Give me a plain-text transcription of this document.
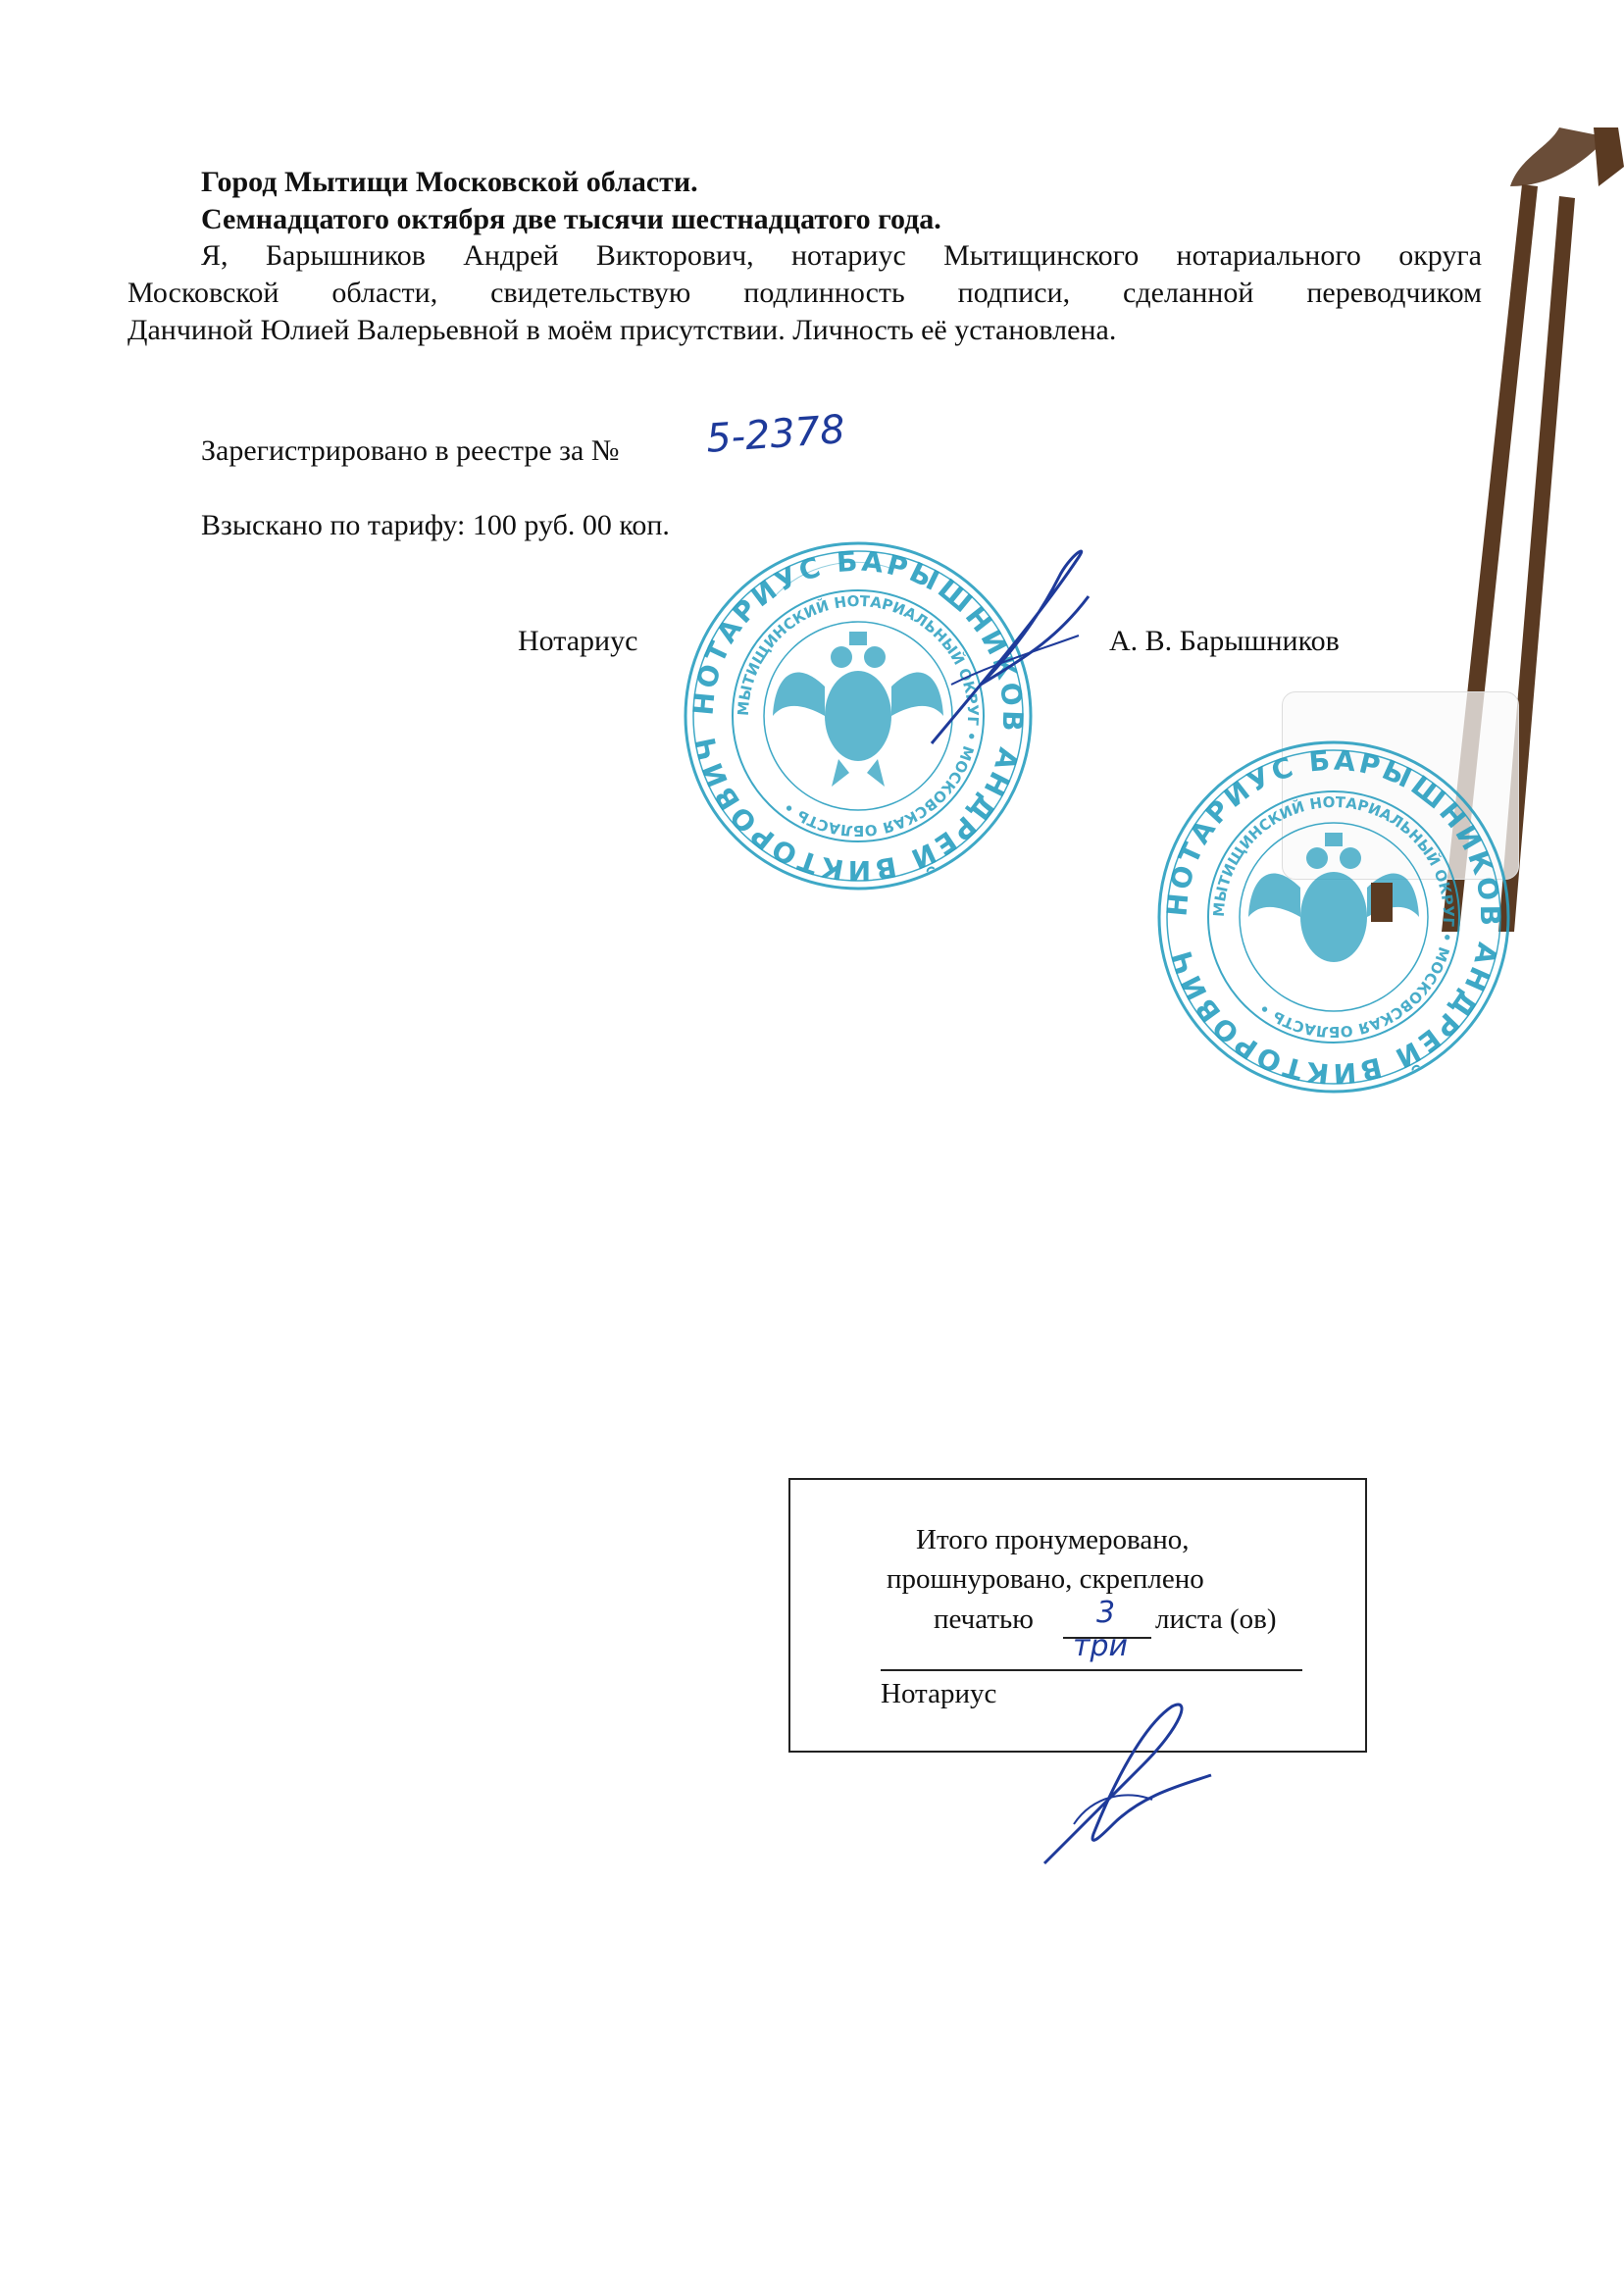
Город Мытищи Московской области.
Семнадцатого октября две тысячи шестнадцатого года.
Я, Барышников Андрей Викторович, нотариус Мытищинского нотариального округа
Московской области, свидетельствую подлинность подписи, сделанной переводчиком
Данчиной Юлией Валерьевной в моём присутствии. Личность её установлена.
Зарегистрировано в реестре за № 5-2378
Взыскано по тарифу: 100 руб. 00 коп.
Нотариус	А. В. Барышников
НОТАРИУС БАРЫШНИКОВ АНДРЕЙ ВИКТОРОВИЧ
МЫТИЩИНСКИЙ НОТАРИАЛЬНЫЙ ОКРУГ • МОСКОВСКАЯ ОБЛАСТЬ •
НОТАРИУС БАРЫШНИКОВ АНДРЕЙ ВИКТОРОВИЧ
МЫТИЩИНСКИЙ НОТАРИАЛЬНЫЙ ОКРУГ • МОСКОВСКАЯ ОБЛАСТЬ •
Итого пронумеровано,
прошнуровано, скреплено
печатью 3 листа (ов)
три
Нотариус
